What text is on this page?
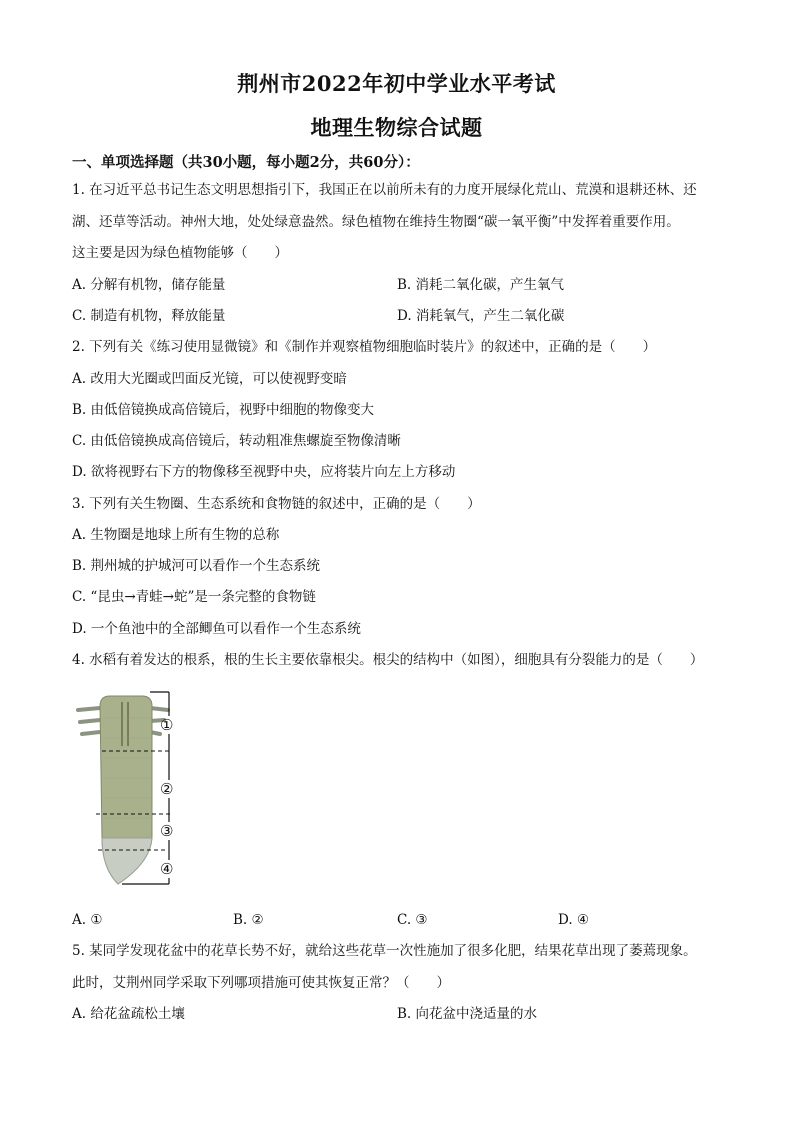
荆州市2022年初中学业水平考试
地理生物综合试题
一、单项选择题（共30小题，每小题2分，共60分）：
1. 在习近平总书记生态文明思想指引下，我国正在以前所未有的力度开展绿化荒山、荒漠和退耕还林、还
湖、还草等活动。神州大地，处处绿意盎然。绿色植物在维持生物圈“碳一氧平衡”中发挥着重要作用。
这主要是因为绿色植物能够（　　）
A. 分解有机物，储存能量	B. 消耗二氧化碳，产生氧气
C. 制造有机物，释放能量	D. 消耗氧气，产生二氧化碳
2. 下列有关《练习使用显微镜》和《制作并观察植物细胞临时装片》的叙述中，正确的是（　　）
A. 改用大光圈或凹面反光镜，可以使视野变暗
B. 由低倍镜换成高倍镜后，视野中细胞的物像变大
C. 由低倍镜换成高倍镜后，转动粗准焦螺旋至物像清晰
D. 欲将视野右下方的物像移至视野中央，应将装片向左上方移动
3. 下列有关生物圈、生态系统和食物链的叙述中，正确的是（　　）
A. 生物圈是地球上所有生物的总称
B. 荆州城的护城河可以看作一个生态系统
C. “昆虫→青蛙→蛇”是一条完整的食物链
D. 一个鱼池中的全部鲫鱼可以看作一个生态系统
4. 水稻有着发达的根系，根的生长主要依靠根尖。根尖的结构中（如图），细胞具有分裂能力的是（　　）
①
②
③
④
A. ①	B. ②	C. ③	D. ④
5. 某同学发现花盆中的花草长势不好，就给这些花草一次性施加了很多化肥，结果花草出现了萎蔫现象。
此时，艾荆州同学采取下列哪项措施可使其恢复正常？（　　）
A. 给花盆疏松土壤	B. 向花盆中浇适量的水
